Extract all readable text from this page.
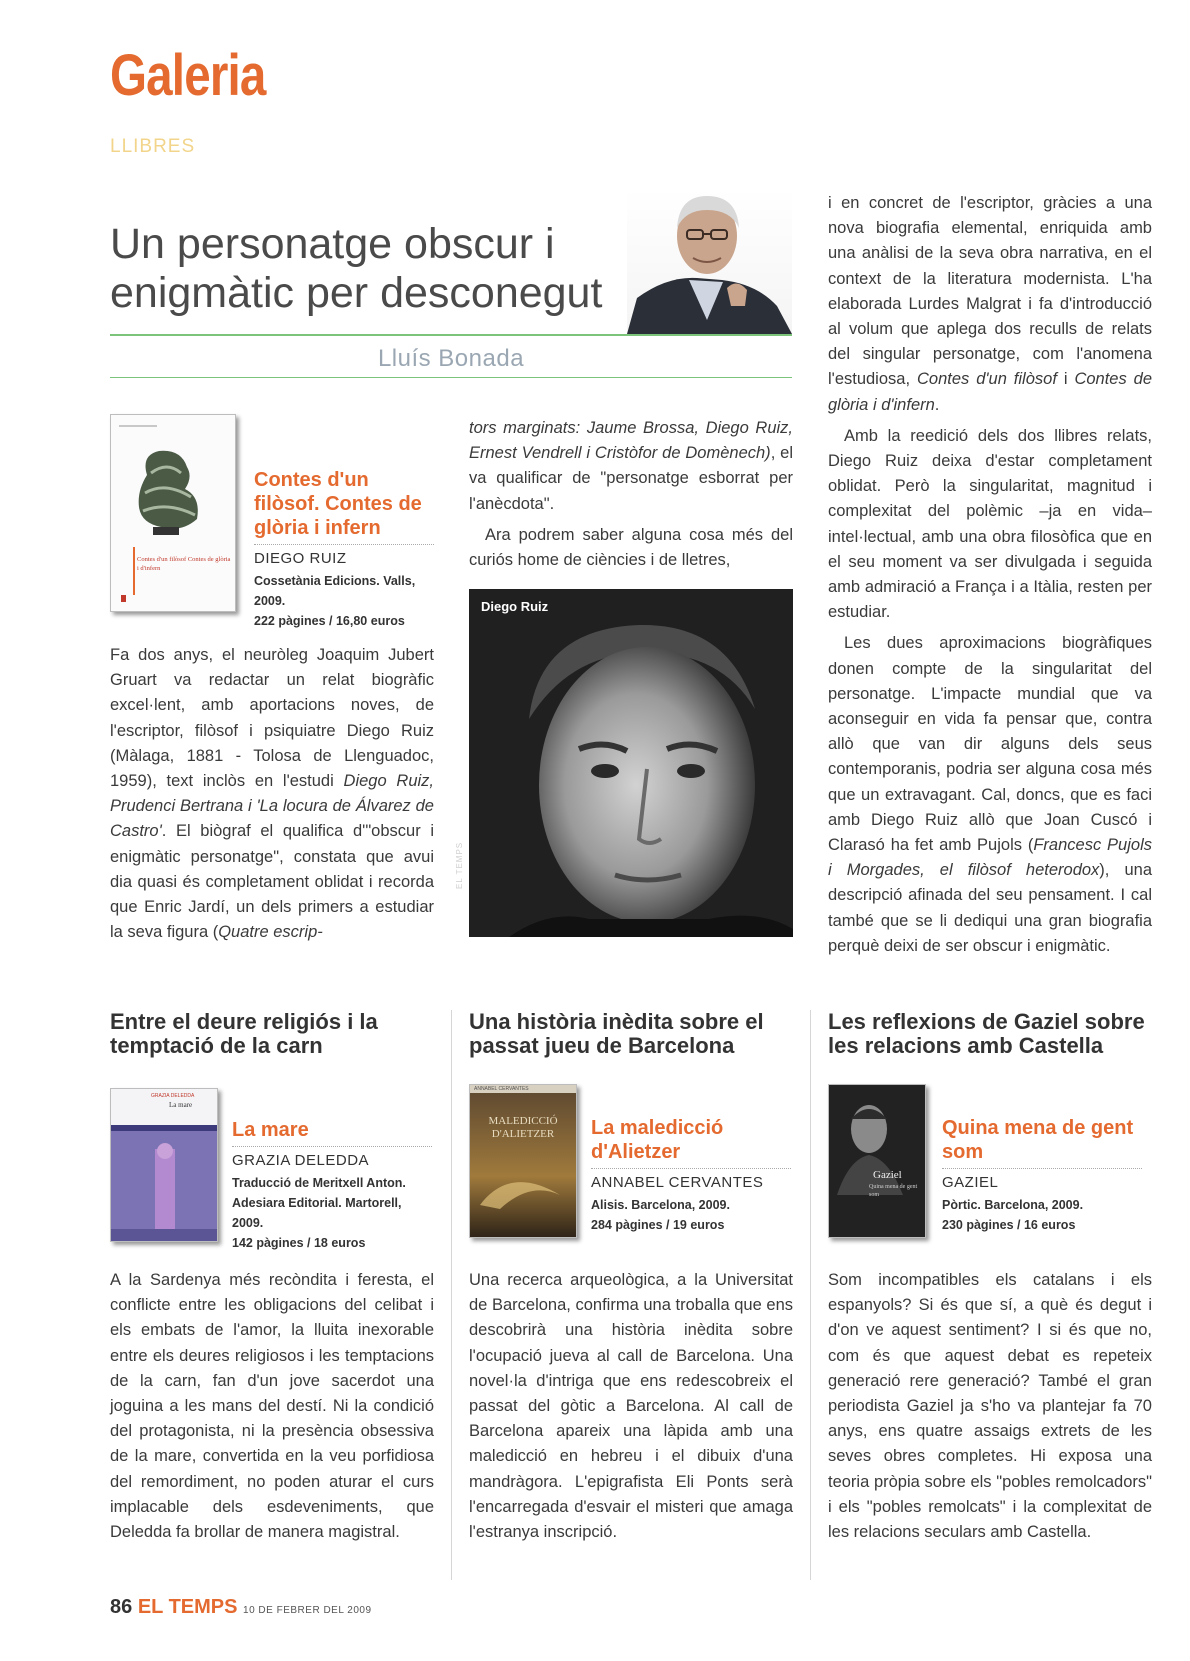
Galeria
LLIBRES
Un personatge obscur i enigmàtic per desconegut
Lluís Bonada
Contes d'un filòsof Contes de glòria i d'infern
Contes d'un filòsof. Contes de glòria i infern
DIEGO RUIZ
Cossetània Edicions. Valls, 2009.
222 pàgines / 16,80 euros

Fa dos anys, el neuròleg Joaquim Jubert Gruart va redactar un relat biogràfic excel·lent, amb aportacions noves, de l'escriptor, filòsof i psiquiatre Diego Ruiz (Màlaga, 1881 - Tolosa de Llenguadoc, 1959), text inclòs en l'estudi Diego Ruiz, Prudenci Bertrana i 'La locura de Álvarez de Castro'. El biògraf el qualifica d'"obscur i enigmàtic personatge", constata que avui dia quasi és completament oblidat i recorda que Enric Jardí, un dels primers a estudiar la seva figura (Quatre escrip-

tors marginats: Jaume Brossa, Diego Ruiz, Ernest Vendrell i Cristòfor de Domènech), el va qualificar de "personatge esborrat per l'anècdota".

Ara podrem saber alguna cosa més del curiós home de ciències i de lletres,

Diego Ruiz
EL TEMPS

i en concret de l'escriptor, gràcies a una nova biografia elemental, enriquida amb una anàlisi de la seva obra narrativa, en el context de la literatura modernista. L'ha elaborada Lurdes Malgrat i fa d'introducció al volum que aplega dos reculls de relats del singular personatge, com l'anomena l'estudiosa, Contes d'un filòsof i Contes de glòria i d'infern.

Amb la reedició dels dos llibres relats, Diego Ruiz deixa d'estar completament oblidat. Però la singularitat, magnitud i complexitat del polèmic –ja en vida– intel·lectual, amb una obra filosòfica que en el seu moment va ser divulgada i seguida amb admiració a França i a Itàlia, resten per estudiar.

Les dues aproximacions biogràfiques donen compte de la singularitat del personatge. L'impacte mundial que va aconseguir en vida fa pensar que, contra allò que van dir alguns dels seus contemporanis, podria ser alguna cosa més que un extravagant. Cal, doncs, que es faci amb Diego Ruiz allò que Joan Cuscó i Clarasó ha fet amb Pujols (Francesc Pujols i Morgades, el filòsof heterodox), una descripció afinada del seu pensament. I cal també que se li dediqui una gran biografia perquè deixi de ser obscur i enigmàtic.

Entre el deure religiós i la temptació de la carn
GRAZIA DELEDDA
La mare
La mare
GRAZIA DELEDDA
Traducció de Meritxell Anton. Adesiara Editorial. Martorell, 2009.
142 pàgines / 18 euros

A la Sardenya més recòndita i feresta, el conflicte entre les obligacions del celibat i els embats de l'amor, la lluita inexorable entre els deures religiosos i les temptacions de la carn, fan d'un jove sacerdot una joguina a les mans del destí. Ni la condició del protagonista, ni la presència obsessiva de la mare, convertida en la veu porfidiosa del remordiment, no poden aturar el curs implacable dels esdeveniments, que Deledda fa brollar de manera magistral.

Una història inèdita sobre el passat jueu de Barcelona
ANNABEL CERVANTES
MALEDICCIÓ D'ALIETZER	La maledicció d'Alietzer
ANNABEL CERVANTES
Alisis. Barcelona, 2009.
284 pàgines / 19 euros

Una recerca arqueològica, a la Universitat de Barcelona, confirma una troballa que ens descobrirà una història inèdita sobre l'ocupació jueva al call de Barcelona. Una novel·la d'intriga que ens redescobreix el passat del gòtic a Barcelona. Al call de Barcelona apareix una làpida amb una maledicció en hebreu i el dibuix d'una mandràgora. L'epigrafista Eli Ponts serà l'encarregada d'esvair el misteri que amaga l'estranya inscripció.

Les reflexions de Gaziel sobre les relacions amb Castella
Gaziel
Quina mena de gent som
Quina mena de gent som
GAZIEL
Pòrtic. Barcelona, 2009.
230 pàgines / 16 euros

Som incompatibles els catalans i els espanyols? Si és que sí, a què és degut i d'on ve aquest sentiment? I si és que no, com és que aquest debat es repeteix generació rere generació? També el gran periodista Gaziel ja s'ho va plantejar fa 70 anys, ens quatre assaigs extrets de les seves obres completes. Hi exposa una teoria pròpia sobre els "pobles remolcadors" i els "pobles remolcats" i la complexitat de les relacions seculars amb Castella.

86 EL TEMPS 10 DE FEBRER DEL 2009
